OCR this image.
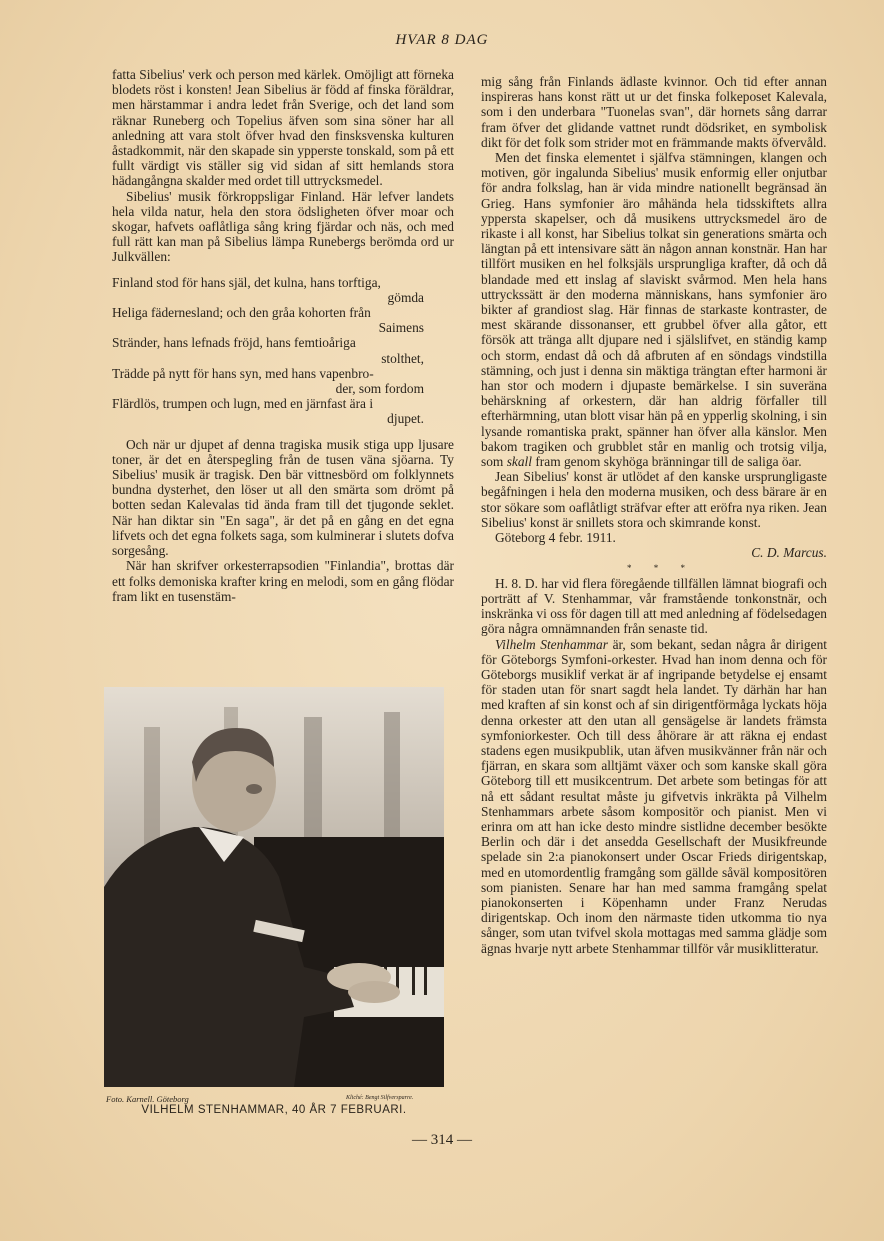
HVAR 8 DAG

fatta Sibelius' verk och person med kärlek. Omöjligt att förneka blodets röst i konsten! Jean Sibelius är född af finska föräldrar, men härstammar i andra ledet från Sverige, och det land som räknar Runeberg och Topelius äfven som sina söner har all anledning att vara stolt öfver hvad den finsksvenska kulturen åstadkommit, när den skapade sin ypperste tonskald, som på ett fullt värdigt vis ställer sig vid sidan af sitt hemlands stora hädangångna skalder med ordet till uttrycksmedel.

Sibelius' musik förkroppsligar Finland. Här lefver landets hela vilda natur, hela den stora ödsligheten öfver moar och skogar, hafvets oaflåtliga sång kring fjärdar och näs, och med full rätt kan man på Sibelius lämpa Runebergs berömda ord ur Julkvällen:

Finland stod för hans själ, det kulna, hans torftiga,

gömda

Heliga fädernesland; och den gråa kohorten från

Saimens

Stränder, hans lefnads fröjd, hans femtioåriga

stolthet,

Trädde på nytt för hans syn, med hans vapenbro-

der, som fordom

Flärdlös, trumpen och lugn, med en järnfast ära i

djupet.

Och när ur djupet af denna tragiska musik stiga upp ljusare toner, är det en återspegling från de tusen väna sjöarna. Ty Sibelius' musik är tragisk. Den bär vittnesbörd om folklynnets bundna dysterhet, den löser ut all den smärta som drömt på botten sedan Kalevalas tid ända fram till det tjugonde seklet. När han diktar sin "En saga", är det på en gång en det egna lifvets och det egna folkets saga, som kulminerar i slutets dofva sorgesång.

När han skrifver orkesterrapsodien "Finlandia", brottas där ett folks demoniska krafter kring en melodi, som en gång flödar fram likt en tusenstäm-

Foto. Karnell. Göteborg	Kliché: Bengt Silfversparre.
VILHELM STENHAMMAR, 40 ÅR 7 FEBRUARI.

mig sång från Finlands ädlaste kvinnor. Och tid efter annan inspireras hans konst rätt ut ur det finska folkeposet Kalevala, som i den underbara "Tuonelas svan", där hornets sång darrar fram öfver det glidande vattnet rundt dödsriket, en symbolisk dikt för det folk som strider mot en främmande makts öfvervåld.

Men det finska elementet i själfva stämningen, klangen och motiven, gör ingalunda Sibelius' musik enformig eller onjutbar för andra folkslag, han är vida mindre nationellt begränsad än Grieg. Hans symfonier äro måhända hela tidsskiftets allra yppersta skapelser, och då musikens uttrycksmedel äro de rikaste i all konst, har Sibelius tolkat sin generations smärta och längtan på ett intensivare sätt än någon annan konstnär. Han har tillfört musiken en hel folksjäls ursprungliga krafter, då och då blandade med ett inslag af slaviskt svårmod. Men hela hans uttryckssätt är den moderna människans, hans symfonier äro bikter af grandiost slag. Här finnas de starkaste kontraster, de mest skärande dissonanser, ett grubbel öfver alla gåtor, ett försök att tränga allt djupare ned i själslifvet, en ständig kamp och storm, endast då och då afbruten af en söndags vindstilla stämning, och just i denna sin mäktiga trängtan efter harmoni är han stor och modern i djupaste bemärkelse. I sin suveräna behärskning af orkestern, där han aldrig förfaller till efterhärmning, utan blott visar hän på en ypperlig skolning, i sin lysande romantiska prakt, spänner han öfver alla känslor. Men bakom tragiken och grubblet står en manlig och trotsig vilja, som skall fram genom skyhöga bränningar till de saliga öar.

Jean Sibelius' konst är utlödet af den kanske ursprungligaste begåfningen i hela den moderna musiken, och dess bärare är en stor sökare som oaflåtligt sträfvar efter att eröfra nya riken. Jean Sibelius' konst är snillets stora och skimrande konst.

Göteborg 4 febr. 1911.

C. D. Marcus.

* * *

H. 8. D. har vid flera föregående tillfällen lämnat biografi och porträtt af V. Stenhammar, vår framstående tonkonstnär, och inskränka vi oss för dagen till att med anledning af födelsedagen göra några omnämnanden från senaste tid.

Vilhelm Stenhammar är, som bekant, sedan några år dirigent för Göteborgs Symfoni-orkester. Hvad han inom denna och för Göteborgs musiklif verkat är af ingripande betydelse ej ensamt för staden utan för snart sagdt hela landet. Ty därhän har han med kraften af sin konst och af sin dirigentförmåga lyckats höja denna orkester att den utan all gensägelse är landets främsta symfoniorkester. Och till dess åhörare är att räkna ej endast stadens egen musikpublik, utan äfven musikvänner från när och fjärran, en skara som alltjämt växer och som kanske skall göra Göteborg till ett musikcentrum. Det arbete som betingas för att nå ett sådant resultat måste ju gifvetvis inkräkta på Vilhelm Stenhammars arbete såsom kompositör och pianist. Men vi erinra om att han icke desto mindre sistlidne december besökte Berlin och där i det ansedda Gesellschaft der Musikfreunde spelade sin 2:a pianokonsert under Oscar Frieds dirigentskap, med en utomordentlig framgång som gällde såväl kompositören som pianisten. Senare har han med samma framgång spelat pianokonserten i Köpenhamn under Franz Nerudas dirigentskap. Och inom den närmaste tiden utkomma tio nya sånger, som utan tvifvel skola mottagas med samma glädje som ägnas hvarje nytt arbete Stenhammar tillför vår musiklitteratur.

— 314 —
